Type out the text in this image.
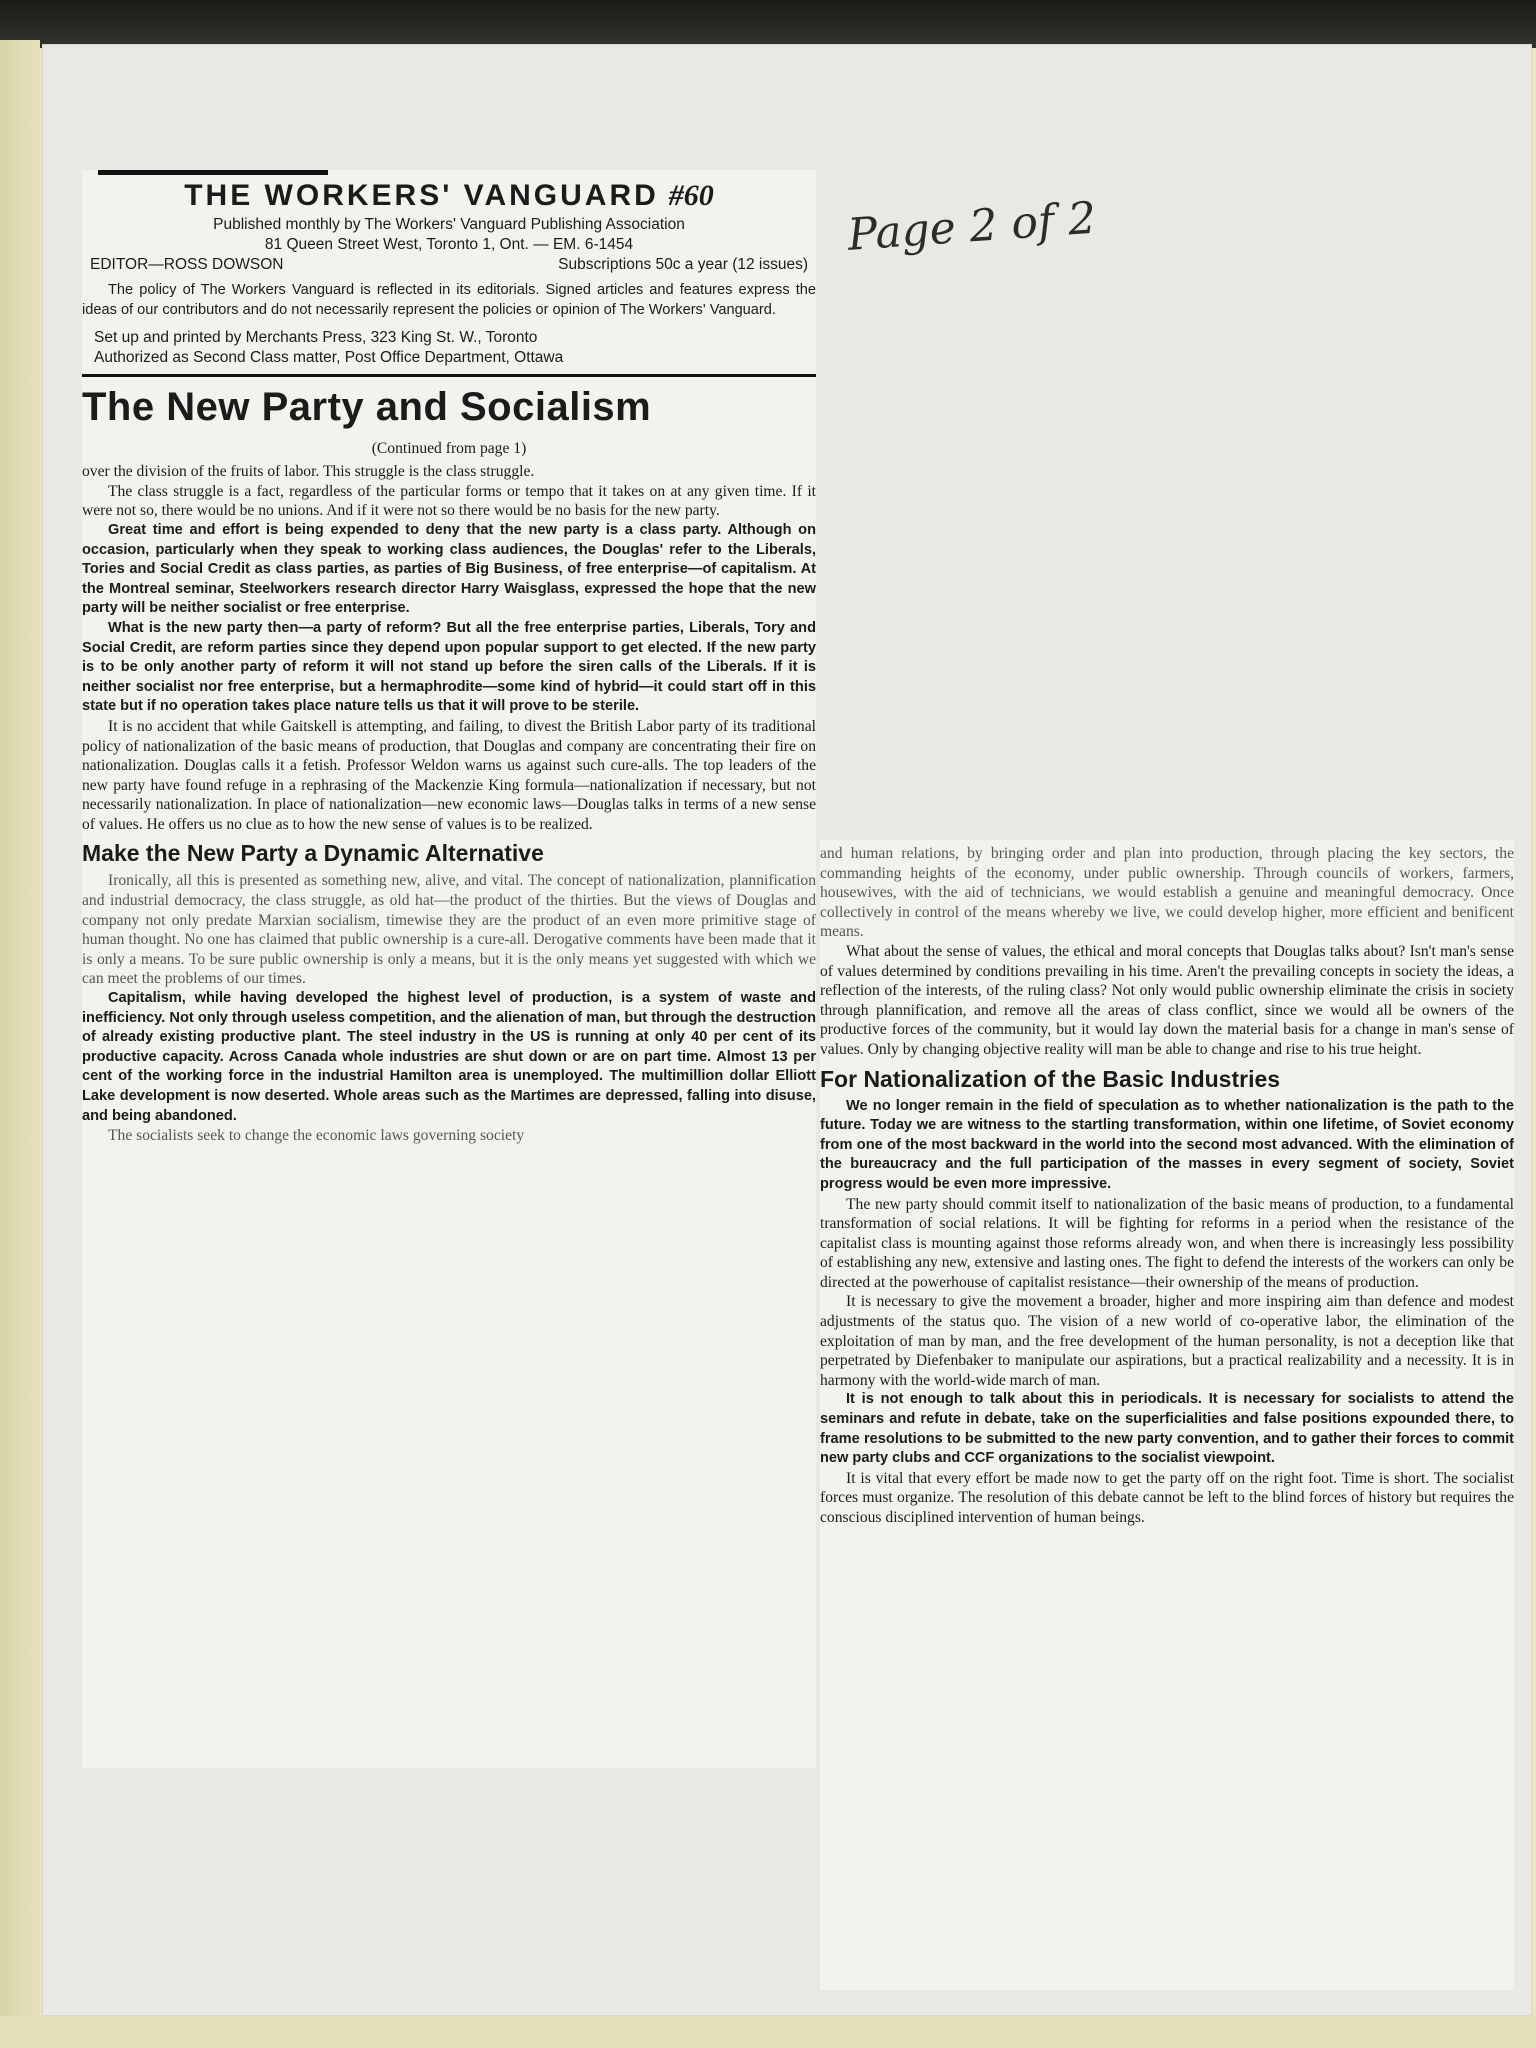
Page 2 of 2
THE WORKERS' VANGUARD #60
Published monthly by The Workers' Vanguard Publishing Association
81 Queen Street West, Toronto 1, Ont. — EM. 6-1454
EDITOR—ROSS DOWSON	Subscriptions 50c a year (12 issues)

The policy of The Workers Vanguard is reflected in its editorials. Signed articles and features express the ideas of our contributors and do not necessarily represent the policies or opinion of The Workers' Vanguard.

Set up and printed by Merchants Press, 323 King St. W., Toronto
Authorized as Second Class matter, Post Office Department, Ottawa
The New Party and Socialism
(Continued from page 1)

over the division of the fruits of labor. This struggle is the class struggle.

The class struggle is a fact, regardless of the particular forms or tempo that it takes on at any given time. If it were not so, there would be no unions. And if it were not so there would be no basis for the new party.

Great time and effort is being expended to deny that the new party is a class party. Although on occasion, particularly when they speak to working class audiences, the Douglas' refer to the Liberals, Tories and Social Credit as class parties, as parties of Big Business, of free enterprise—of capitalism. At the Montreal seminar, Steelworkers research director Harry Waisglass, expressed the hope that the new party will be neither socialist or free enterprise.

What is the new party then—a party of reform? But all the free enterprise parties, Liberals, Tory and Social Credit, are reform parties since they depend upon popular support to get elected. If the new party is to be only another party of reform it will not stand up before the siren calls of the Liberals. If it is neither socialist nor free enterprise, but a hermaphrodite—some kind of hybrid—it could start off in this state but if no operation takes place nature tells us that it will prove to be sterile.

It is no accident that while Gaitskell is attempting, and failing, to divest the British Labor party of its traditional policy of nationalization of the basic means of production, that Douglas and company are concentrating their fire on nationalization. Douglas calls it a fetish. Professor Weldon warns us against such cure-alls. The top leaders of the new party have found refuge in a rephrasing of the Mackenzie King formula—nationalization if necessary, but not necessarily nationalization. In place of nationalization—new economic laws—Douglas talks in terms of a new sense of values. He offers us no clue as to how the new sense of values is to be realized.

Make the New Party a Dynamic Alternative

Ironically, all this is presented as something new, alive, and vital. The concept of nationalization, plannification and industrial democracy, the class struggle, as old hat—the product of the thirties. But the views of Douglas and company not only predate Marxian socialism, timewise they are the product of an even more primitive stage of human thought. No one has claimed that public ownership is a cure-all. Derogative comments have been made that it is only a means. To be sure public ownership is only a means, but it is the only means yet suggested with which we can meet the problems of our times.

Capitalism, while having developed the highest level of production, is a system of waste and inefficiency. Not only through useless competition, and the alienation of man, but through the destruction of already existing productive plant. The steel industry in the US is running at only 40 per cent of its productive capacity. Across Canada whole industries are shut down or are on part time. Almost 13 per cent of the working force in the industrial Hamilton area is unemployed. The multimillion dollar Elliott Lake development is now deserted. Whole areas such as the Martimes are depressed, falling into disuse, and being abandoned.

The socialists seek to change the economic laws governing society

and human relations, by bringing order and plan into production, through placing the key sectors, the commanding heights of the economy, under public ownership. Through councils of workers, farmers, housewives, with the aid of technicians, we would establish a genuine and meaningful democracy. Once collectively in control of the means whereby we live, we could develop higher, more efficient and benificent means.

What about the sense of values, the ethical and moral concepts that Douglas talks about? Isn't man's sense of values determined by conditions prevailing in his time. Aren't the prevailing concepts in society the ideas, a reflection of the interests, of the ruling class? Not only would public ownership eliminate the crisis in society through plannification, and remove all the areas of class conflict, since we would all be owners of the productive forces of the community, but it would lay down the material basis for a change in man's sense of values. Only by changing objective reality will man be able to change and rise to his true height.

For Nationalization of the Basic Industries

We no longer remain in the field of speculation as to whether nationalization is the path to the future. Today we are witness to the startling transformation, within one lifetime, of Soviet economy from one of the most backward in the world into the second most advanced. With the elimination of the bureaucracy and the full participation of the masses in every segment of society, Soviet progress would be even more impressive.

The new party should commit itself to nationalization of the basic means of production, to a fundamental transformation of social relations. It will be fighting for reforms in a period when the resistance of the capitalist class is mounting against those reforms already won, and when there is increasingly less possibility of establishing any new, extensive and lasting ones. The fight to defend the interests of the workers can only be directed at the powerhouse of capitalist resistance—their ownership of the means of production.

It is necessary to give the movement a broader, higher and more inspiring aim than defence and modest adjustments of the status quo. The vision of a new world of co-operative labor, the elimination of the exploitation of man by man, and the free development of the human personality, is not a deception like that perpetrated by Diefenbaker to manipulate our aspirations, but a practical realizability and a necessity. It is in harmony with the world-wide march of man.

It is not enough to talk about this in periodicals. It is necessary for socialists to attend the seminars and refute in debate, take on the superficialities and false positions expounded there, to frame resolutions to be submitted to the new party convention, and to gather their forces to commit new party clubs and CCF organizations to the socialist viewpoint.

It is vital that every effort be made now to get the party off on the right foot. Time is short. The socialist forces must organize. The resolution of this debate cannot be left to the blind forces of history but requires the conscious disciplined intervention of human beings.
